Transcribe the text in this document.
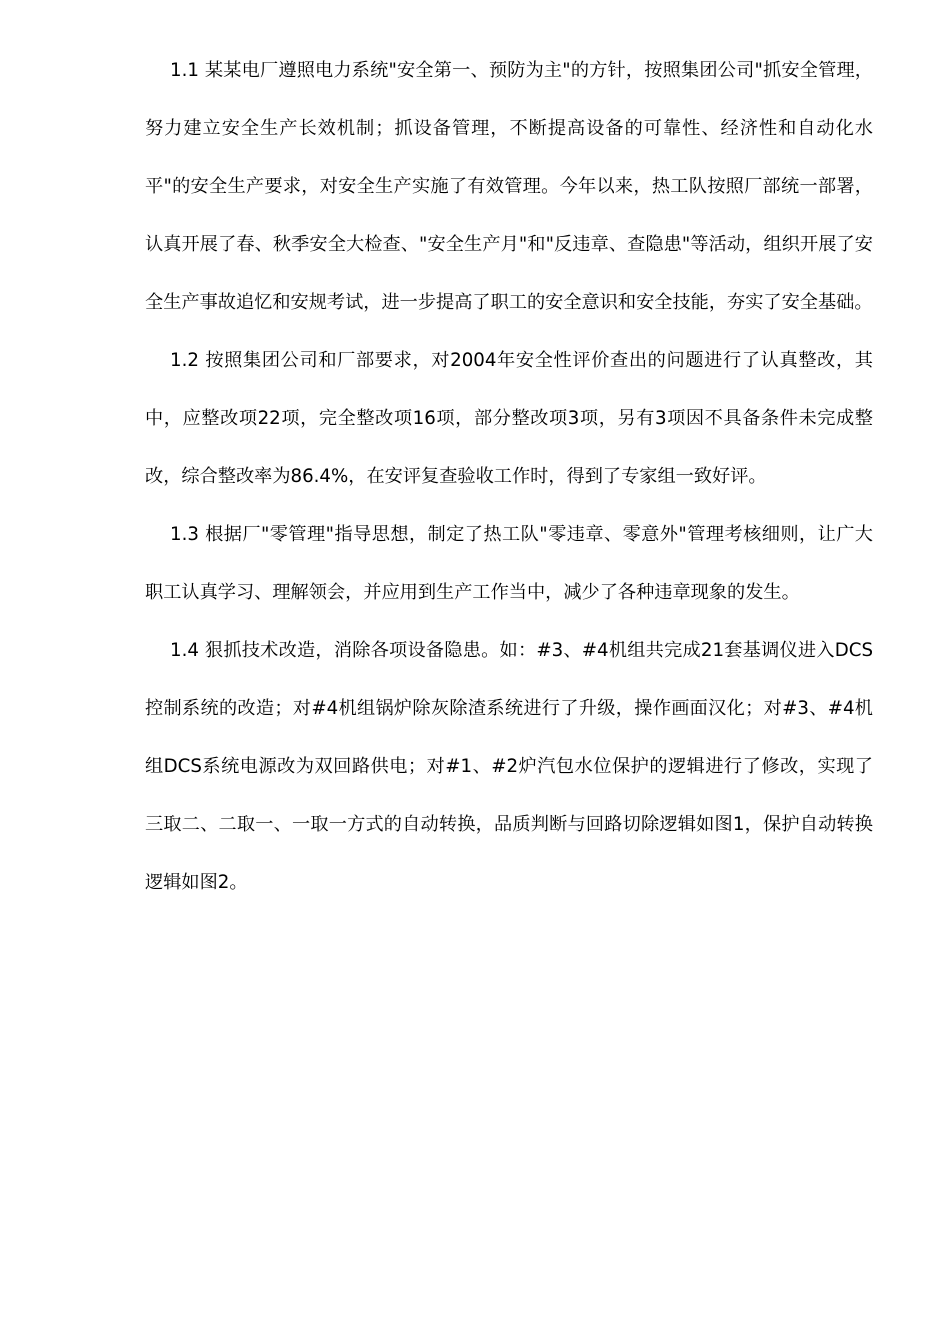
1.1 某某电厂遵照电力系统"安全第一、预防为主"的方针，按照集团公司"抓安全管理，努力建立安全生产长效机制；抓设备管理，不断提高设备的可靠性、经济性和自动化水平"的安全生产要求，对安全生产实施了有效管理。今年以来，热工队按照厂部统一部署，认真开展了春、秋季安全大检查、"安全生产月"和"反违章、查隐患"等活动，组织开展了安全生产事故追忆和安规考试，进一步提高了职工的安全意识和安全技能，夯实了安全基础。

1.2 按照集团公司和厂部要求，对2004年安全性评价查出的问题进行了认真整改，其中，应整改项22项，完全整改项16项，部分整改项3项，另有3项因不具备条件未完成整改，综合整改率为86.4%，在安评复查验收工作时，得到了专家组一致好评。

1.3 根据厂"零管理"指导思想，制定了热工队"零违章、零意外"管理考核细则，让广大职工认真学习、理解领会，并应用到生产工作当中，减少了各种违章现象的发生。

1.4 狠抓技术改造，消除各项设备隐患。如：#3、#4机组共完成21套基调仪进入DCS控制系统的改造；对#4机组锅炉除灰除渣系统进行了升级，操作画面汉化；对#3、#4机组DCS系统电源改为双回路供电；对#1、#2炉汽包水位保护的逻辑进行了修改，实现了三取二、二取一、一取一方式的自动转换，品质判断与回路切除逻辑如图1，保护自动转换逻辑如图2。
